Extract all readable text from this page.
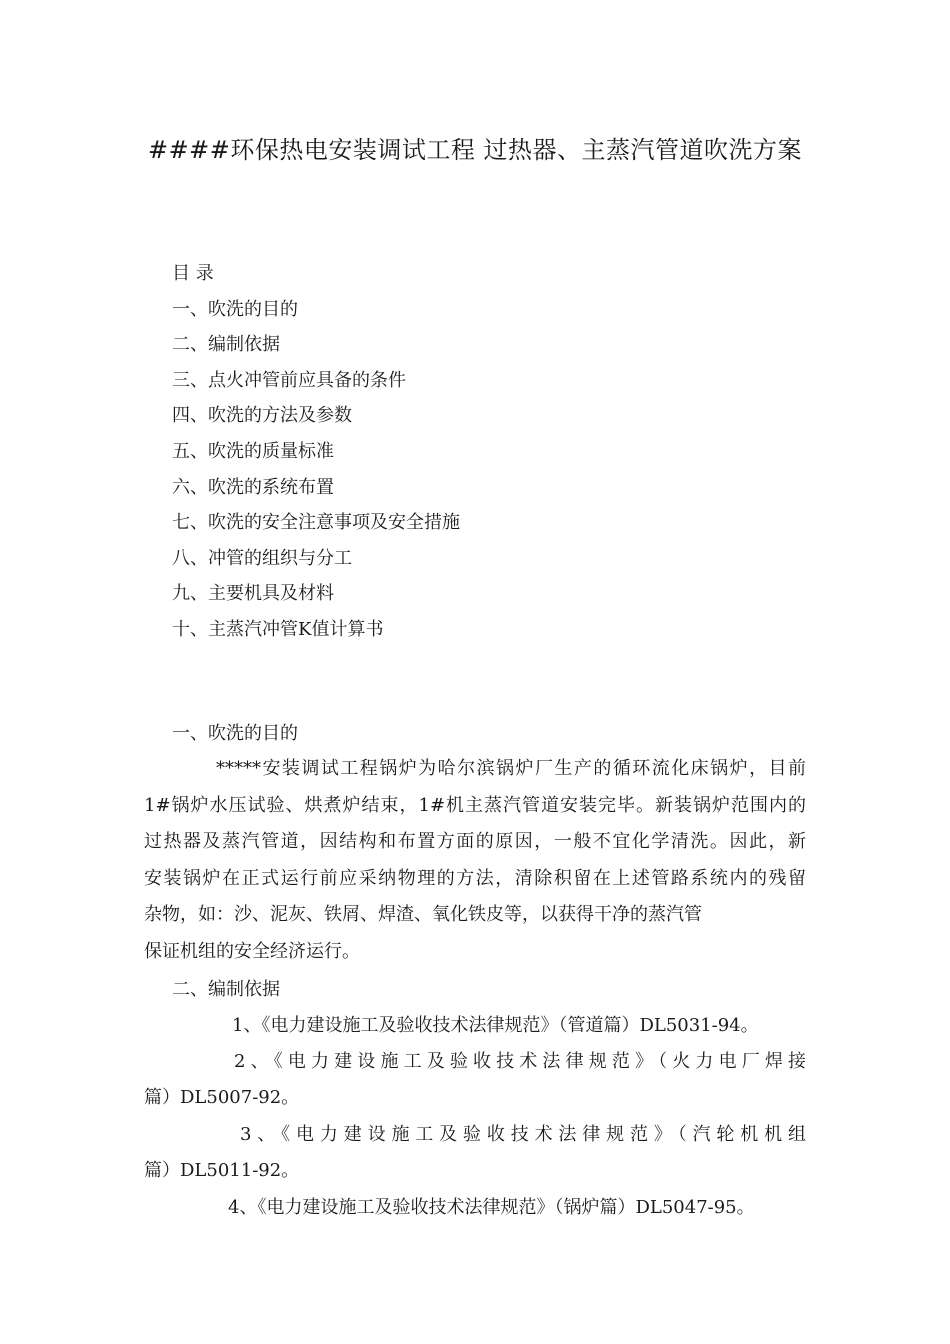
####环保热电安装调试工程 过热器、主蒸汽管道吹洗方案
目 录
一、吹洗的目的
二、编制依据
三、点火冲管前应具备的条件
四、吹洗的方法及参数
五、吹洗的质量标准
六、吹洗的系统布置
七、吹洗的安全注意事项及安全措施
八、冲管的组织与分工
九、主要机具及材料
十、主蒸汽冲管K值计算书
一、吹洗的目的
*****安装调试工程锅炉为哈尔滨锅炉厂生产的循环流化床锅炉，目前
1#锅炉水压试验、烘煮炉结束，1#机主蒸汽管道安装完毕。新装锅炉范围内的
过热器及蒸汽管道，因结构和布置方面的原因，一般不宜化学清洗。因此，新
安装锅炉在正式运行前应采纳物理的方法，清除积留在上述管路系统内的残留
杂物，如：沙、泥灰、铁屑、焊渣、氧化铁皮等，以获得干净的蒸汽管
保证机组的安全经济运行。
二、编制依据
1、《电力建设施工及验收技术法律规范》（管道篇）DL5031-94。
2、《电力建设施工及验收技术法律规范》（火力电厂焊接
篇）DL5007-92。
3、《电力建设施工及验收技术法律规范》（汽轮机机组
篇）DL5011-92。
4、《电力建设施工及验收技术法律规范》（锅炉篇）DL5047-95。
